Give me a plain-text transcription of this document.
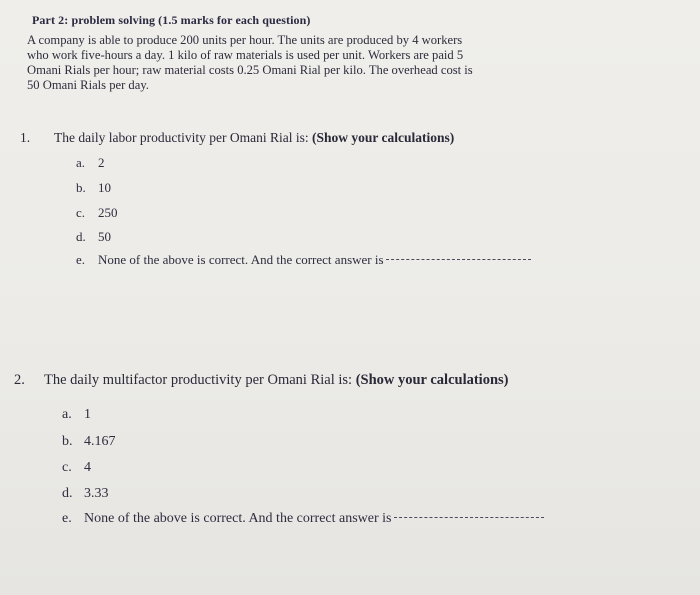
Part 2: problem solving (1.5 marks for each question)
A company is able to produce 200 units per hour. The units are produced by 4 workers
who work five-hours a day. 1 kilo of raw materials is used per unit. Workers are paid 5
Omani Rials per hour; raw material costs 0.25 Omani Rial per kilo. The overhead cost is
50 Omani Rials per day.
1. The daily labor productivity per Omani Rial is: (Show your calculations)
a. 2
b. 10
c. 250
d. 50
e. None of the above is correct. And the correct answer is
2. The daily multifactor productivity per Omani Rial is: (Show your calculations)
a. 1
b. 4.167
c. 4
d. 3.33
e. None of the above is correct. And the correct answer is
